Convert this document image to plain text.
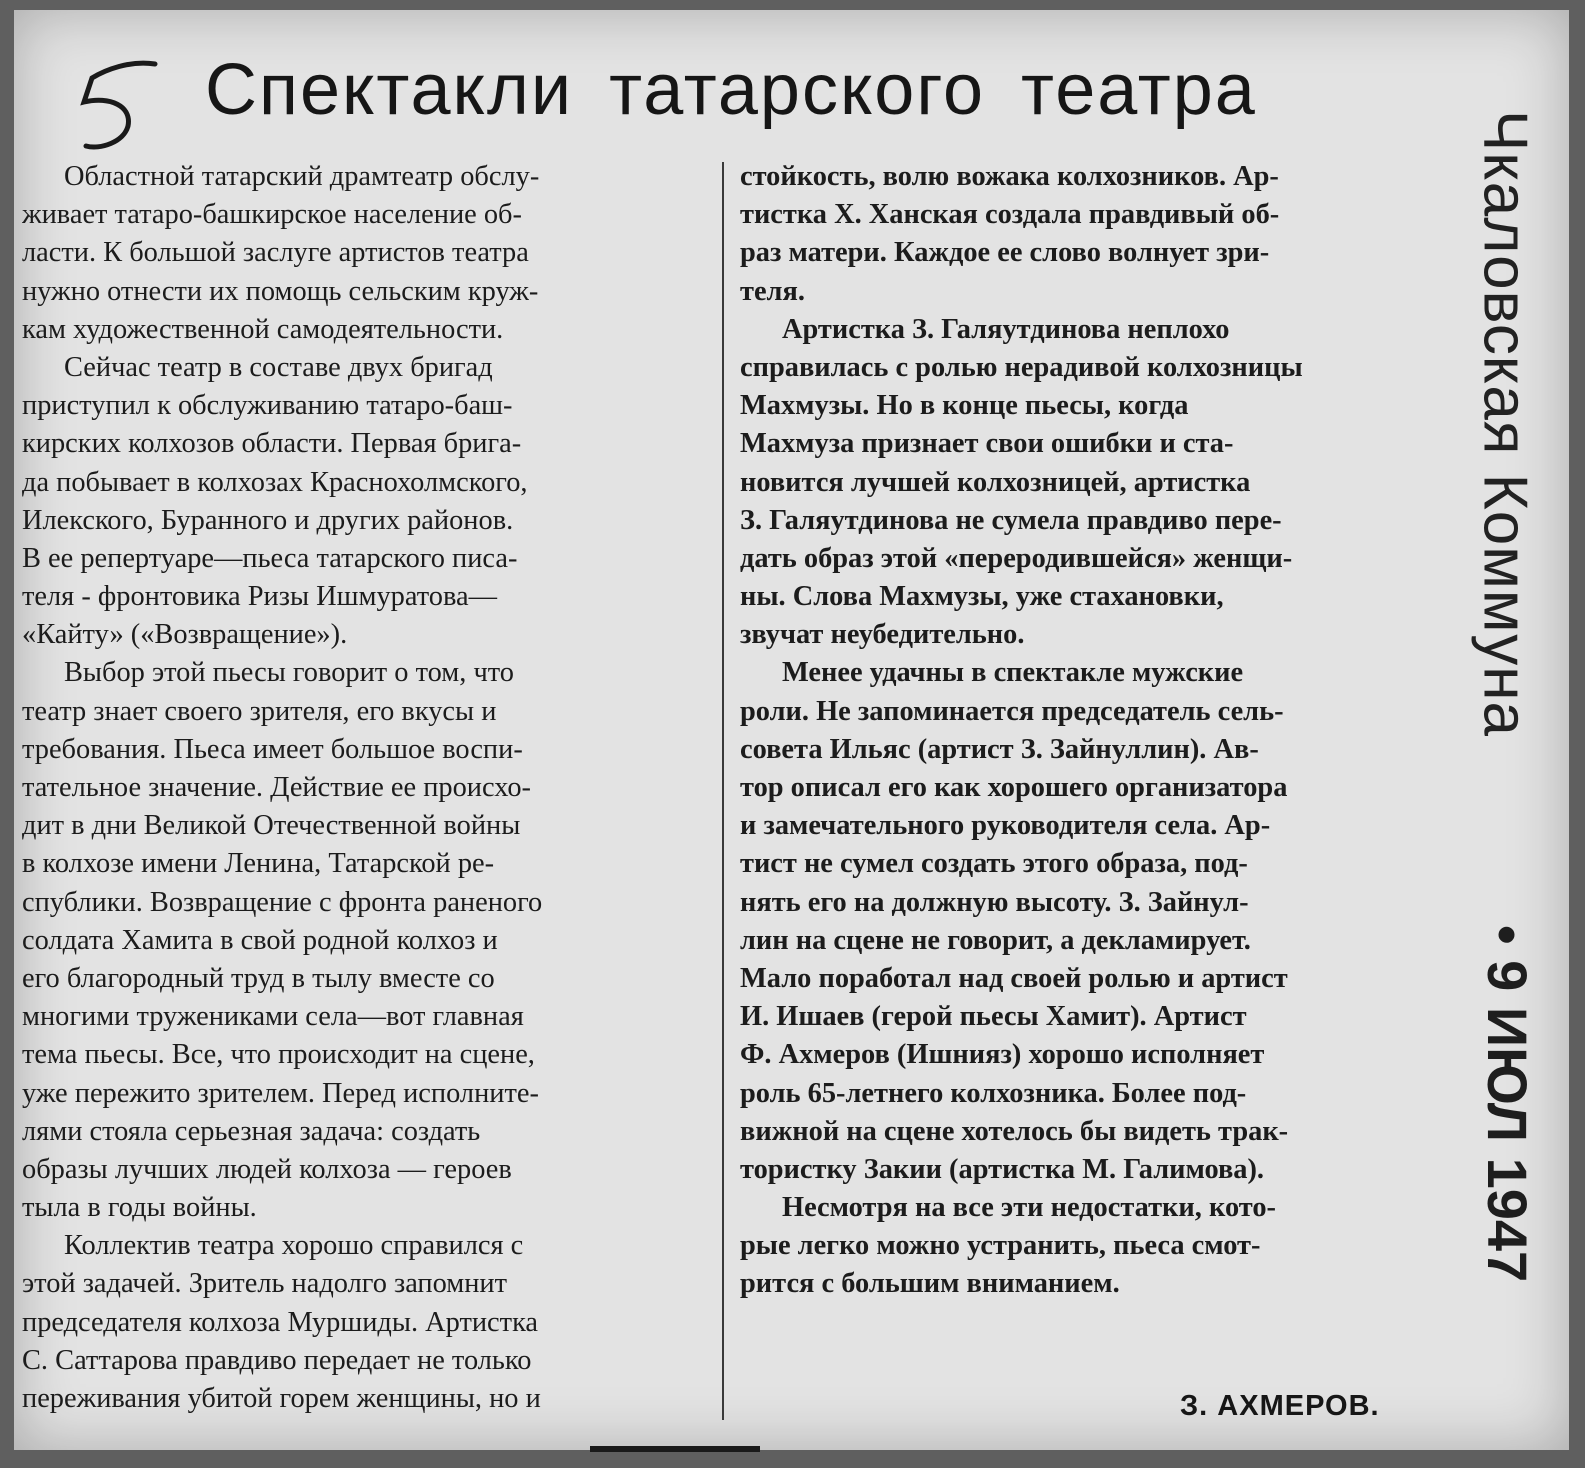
Спектакли татарского театра
Областной татарский драмтеатр обслу-
живает татаро-башкирское население об-
ласти. К большой заслуге артистов театра
нужно отнести их помощь сельским круж-
кам художественной самодеятельности.
Сейчас театр в составе двух бригад
приступил к обслуживанию татаро-баш-
кирских колхозов области. Первая брига-
да побывает в колхозах Краснохолмского,
Илекского, Буранного и других районов.
В ее репертуаре—пьеса татарского писа-
теля - фронтовика Ризы Ишмуратова—
«Кайту» («Возвращение»).
Выбор этой пьесы говорит о том, что
театр знает своего зрителя, его вкусы и
требования. Пьеса имеет большое воспи-
тательное значение. Действие ее происхо-
дит в дни Великой Отечественной войны
в колхозе имени Ленина, Татарской ре-
спублики. Возвращение с фронта раненого
солдата Хамита в свой родной колхоз и
его благородный труд в тылу вместе со
многими тружениками села—вот главная
тема пьесы. Все, что происходит на сцене,
уже пережито зрителем. Перед исполните-
лями стояла серьезная задача: создать
образы лучших людей колхоза — героев
тыла в годы войны.
Коллектив театра хорошо справился с
этой задачей. Зритель надолго запомнит
председателя колхоза Муршиды. Артистка
С. Саттарова правдиво передает не только
переживания убитой горем женщины, но и
стойкость, волю вожака колхозников. Ар-
тистка Х. Ханская создала правдивый об-
раз матери. Каждое ее слово волнует зри-
теля.
Артистка З. Галяутдинова неплохо
справилась с ролью нерадивой колхозницы
Махмузы. Но в конце пьесы, когда
Махмуза признает свои ошибки и ста-
новится лучшей колхозницей, артистка
З. Галяутдинова не сумела правдиво пере-
дать образ этой «переродившейся» женщи-
ны. Слова Махмузы, уже стахановки,
звучат неубедительно.
Менее удачны в спектакле мужские
роли. Не запоминается председатель сель-
совета Ильяс (артист З. Зайнуллин). Ав-
тор описал его как хорошего организатора
и замечательного руководителя села. Ар-
тист не сумел создать этого образа, под-
нять его на должную высоту. З. Зайнул-
лин на сцене не говорит, а декламирует.
Мало поработал над своей ролью и артист
И. Ишаев (герой пьесы Хамит). Артист
Ф. Ахмеров (Ишнияз) хорошо исполняет
роль 65-летнего колхозника. Более под-
вижной на сцене хотелось бы видеть трак-
тористку Закии (артистка М. Галимова).
Несмотря на все эти недостатки, кото-
рые легко можно устранить, пьеса смот-
рится с большим вниманием.
З. АХМЕРОВ.
Чкаловская Коммуна
• 9 ИЮЛ 1947
